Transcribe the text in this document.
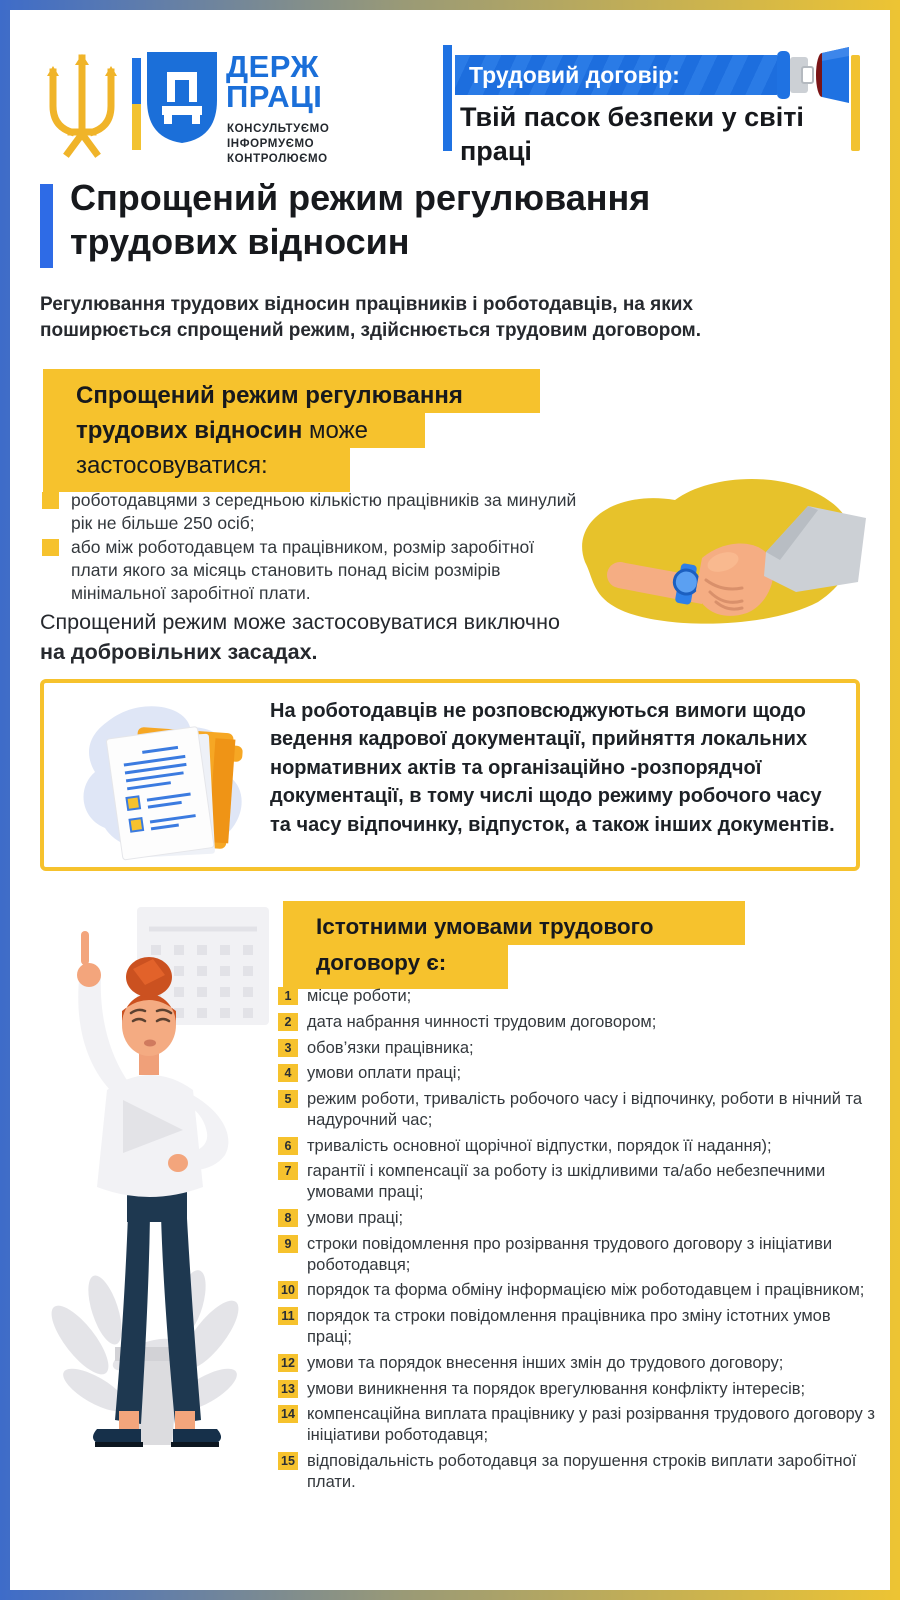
ДЕРЖ
ПРАЦІ
КОНСУЛЬТУЄМО
ІНФОРМУЄМО
КОНТРОЛЮЄМО
Трудовий договір:
Твій пасок безпеки у світі праці
Спрощений режим регулювання
трудових відносин
Регулювання трудових відносин працівників і роботодавців, на яких поширюється спрощений режим, здійснюється трудовим договором.
Спрощений режим регулювання
трудових відносин може
застосовуватися:
роботодавцями з середньою кількістю працівників за минулий рік не більше 250 осіб;
або між роботодавцем та працівником, розмір заробітної плати якого за місяць становить понад вісім розмірів мінімальної заробітної плати.
Спрощений режим може застосовуватися виключно
на добровільних засадах.
На роботодавців не розповсюджуються вимоги щодо ведення кадрової документації, прийняття локальних нормативних актів та організаційно -розпорядчої документації, в тому числі щодо режиму робочого часу та часу відпочинку, відпусток, а також інших документів.
Істотними умовами трудового
договору є:
1 місце роботи;
2 дата набрання чинності трудовим договором;
3 обов’язки працівника;
4 умови оплати праці;
5 режим роботи, тривалість робочого часу і відпочинку, роботи в нічний та надурочний час;
6 тривалість основної щорічної відпустки, порядок її надання);
7 гарантії і компенсації за роботу із шкідливими та/або небезпечними умовами праці;
8 умови праці;
9 строки повідомлення про розірвання трудового договору з ініціативи роботодавця;
10 порядок та форма обміну інформацією між роботодавцем і працівником;
11 порядок та строки повідомлення працівника про зміну істотних умов праці;
12 умови та порядок внесення інших змін до трудового договору;
13 умови виникнення та порядок врегулювання конфлікту інтересів;
14 компенсаційна виплата працівнику у разі розірвання трудового договору з ініціативи роботодавця;
15 відповідальність роботодавця за порушення строків виплати заробітної плати.
